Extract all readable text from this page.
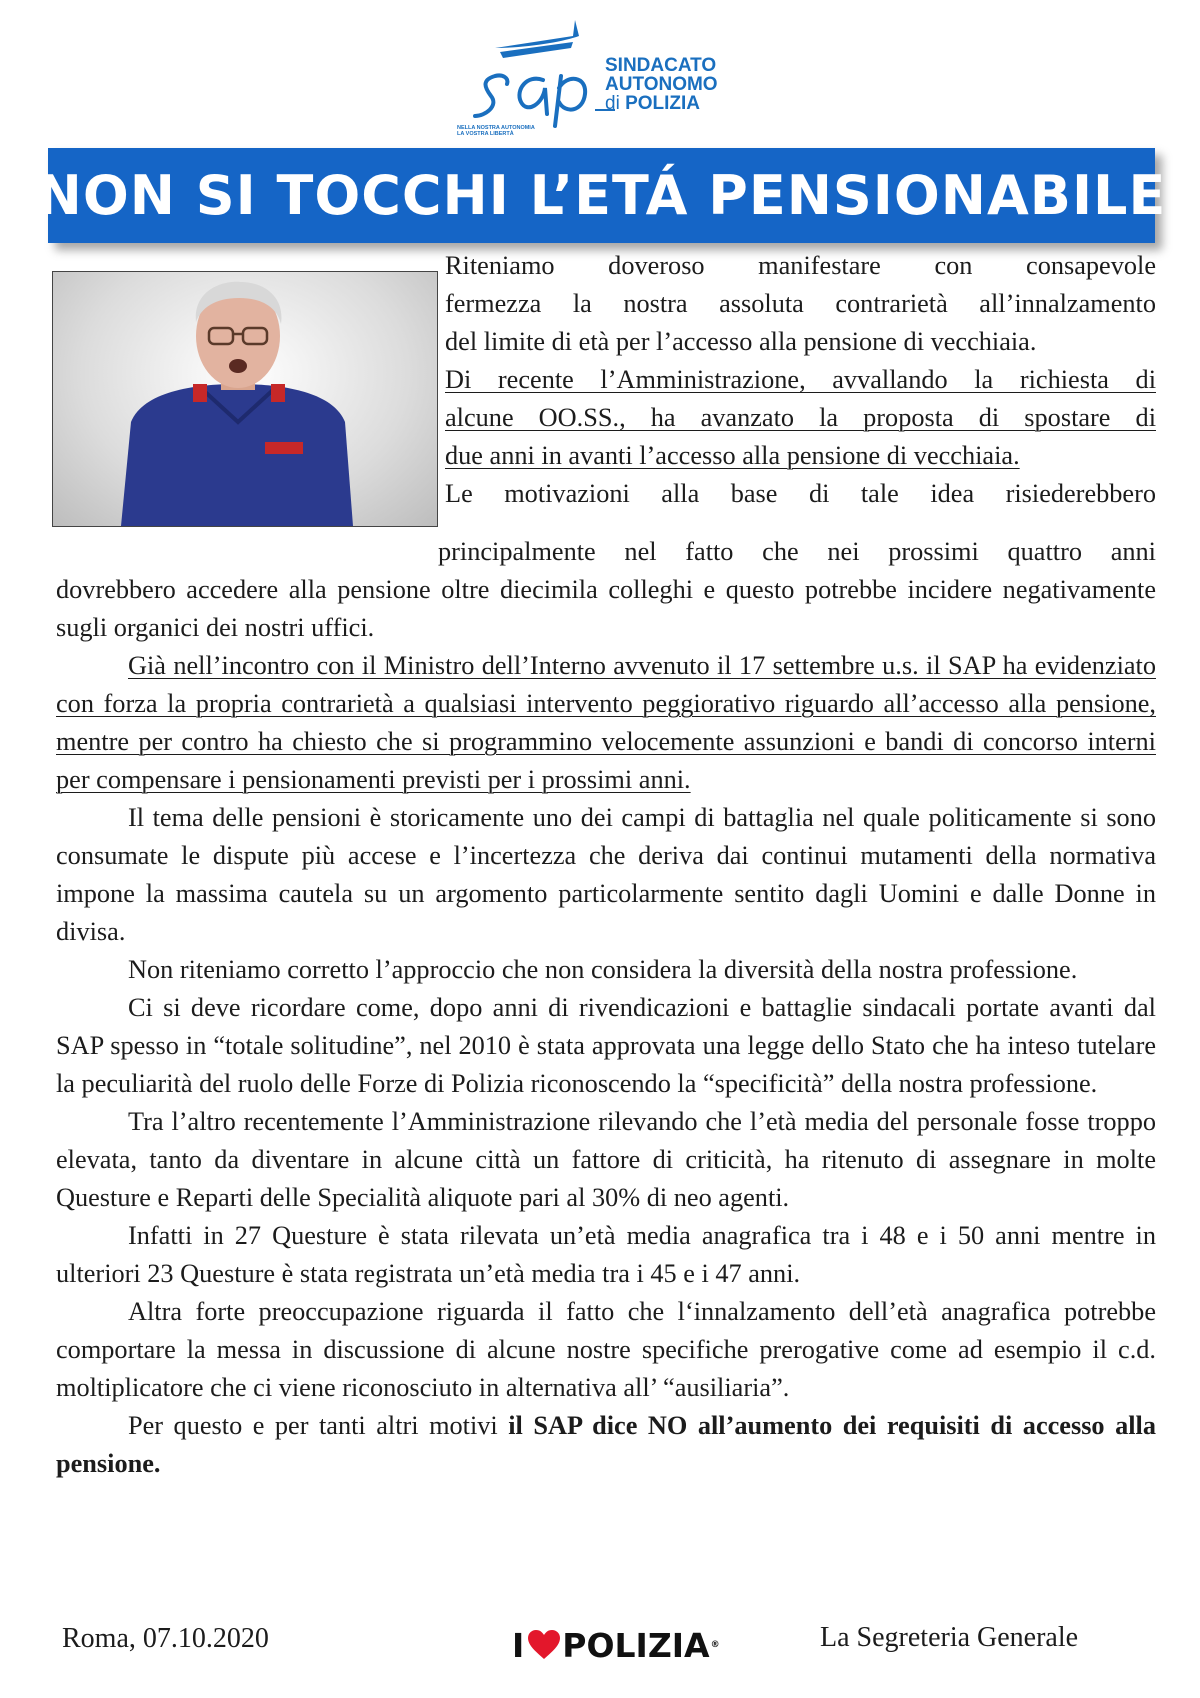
SINDACATO
AUTONOMO
di POLIZIA
NELLA NOSTRA AUTONOMIA
LA VOSTRA LIBERTÀ
NON SI TOCCHI L’ETÁ PENSIONABILE

Riteniamo doveroso manifestare con consapevole

fermezza la nostra assoluta contrarietà all’innalzamento

del limite di età per l’accesso alla pensione di vecchiaia.

Di recente l’Amministrazione, avvallando la richiesta di

alcune OO.SS., ha avanzato la proposta di spostare di

due anni in avanti l’accesso alla pensione di vecchiaia.

Le motivazioni alla base di tale idea risiederebbero

principalmente nel fatto che nei prossimi quattro anni

dovrebbero accedere alla pensione oltre diecimila colleghi e questo potrebbe incidere negativamente sugli organici dei nostri uffici.

Già nell’incontro con il Ministro dell’Interno avvenuto il 17 settembre u.s. il SAP ha evidenziato con forza la propria contrarietà a qualsiasi intervento peggiorativo riguardo all’accesso alla pensione, mentre per contro ha chiesto che si programmino velocemente assunzioni e bandi di concorso interni per compensare i pensionamenti previsti per i prossimi anni.

Il tema delle pensioni è storicamente uno dei campi di battaglia nel quale politicamente si sono consumate le dispute più accese e l’incertezza che deriva dai continui mutamenti della normativa impone la massima cautela su un argomento particolarmente sentito dagli Uomini e dalle Donne in divisa.

Non riteniamo corretto l’approccio che non considera la diversità della nostra professione.

Ci si deve ricordare come, dopo anni di rivendicazioni e battaglie sindacali portate avanti dal SAP spesso in “totale solitudine”, nel 2010 è stata approvata una legge dello Stato che ha inteso tutelare la peculiarità del ruolo delle Forze di Polizia riconoscendo la “specificità” della nostra professione.

Tra l’altro recentemente l’Amministrazione rilevando che l’età media del personale fosse troppo elevata, tanto da diventare in alcune città un fattore di criticità, ha ritenuto di assegnare in molte Questure e Reparti delle Specialità aliquote pari al 30% di neo agenti.

Infatti in 27 Questure è stata rilevata un’età media anagrafica tra i 48 e i 50 anni mentre in ulteriori 23 Questure è stata registrata un’età media tra i 45 e i 47 anni.

Altra forte preoccupazione riguarda il fatto che l‘innalzamento dell’età anagrafica potrebbe comportare la messa in discussione di alcune nostre specifiche prerogative come ad esempio il c.d. moltiplicatore che ci viene riconosciuto in alternativa all’ “ausiliaria”.

Per questo e per tanti altri motivi il SAP dice NO all’aumento dei requisiti di accesso alla pensione.

Roma, 07.10.2020	I POLIZIA ®	La Segreteria Generale
